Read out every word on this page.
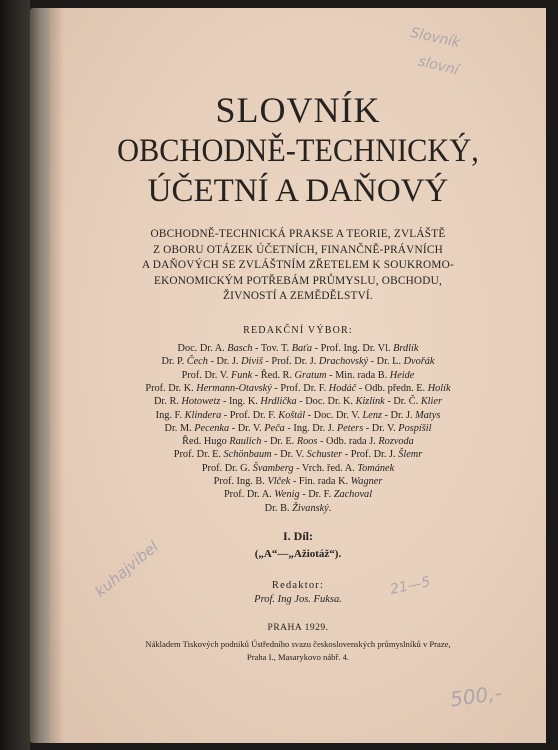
SLOVNÍK
OBCHODNĚ-TECHNICKÝ,
ÚČETNÍ A DAŇOVÝ
OBCHODNĚ-TECHNICKÁ PRAKSE A TEORIE, ZVLÁŠTĚ
Z OBORU OTÁZEK ÚČETNÍCH, FINANČNĚ-PRÁVNÍCH
A DAŇOVÝCH SE ZVLÁŠTNÍM ZŘETELEM K SOUKROMO-
EKONOMICKÝM POTŘEBÁM PRŮMYSLU, OBCHODU,
ŽIVNOSTÍ A ZEMĚDĚLSTVÍ.
REDAKČNÍ VÝBOR:
Doc. Dr. A. Basch - Tov. T. Baťa - Prof. Ing. Dr. Vl. Brdlík
Dr. P. Čech - Dr. J. Diviš - Prof. Dr. J. Drachovský - Dr. L. Dvořák
Prof. Dr. V. Funk - Řed. R. Gratum - Min. rada B. Heide
Prof. Dr. K. Hermann-Otavský - Prof. Dr. F. Hodáč - Odb. předn. E. Holík
Dr. R. Hotowetz - Ing. K. Hrdlička - Doc. Dr. K. Kizlink - Dr. Č. Klier
Ing. F. Klindera - Prof. Dr. F. Koštál - Doc. Dr. V. Lenz - Dr. J. Matys
Dr. M. Pecenka - Dr. V. Peča - Ing. Dr. J. Peters - Dr. V. Pospíšil
Řed. Hugo Raulich - Dr. E. Roos - Odb. rada J. Rozvoda
Prof. Dr. E. Schönbaum - Dr. V. Schuster - Prof. Dr. J. Šlemr
Prof. Dr. G. Švamberg - Vrch. řed. A. Tománek
Prof. Ing. B. Vlček - Fin. rada K. Wagner
Prof. Dr. A. Wenig - Dr. F. Zachoval
Dr. B. Živanský.
I. Díl:
(„A“—„Ažiotáž“).
Redaktor:
Prof. Ing Jos. Fuksa.
PRAHA 1929.
Nákladem Tiskových podniků Ústředního svazu československých průmyslníků v Praze,
Praha I., Masarykovo nábř. 4.
Slovník
slovní
kuhajvibel	21—5
500,-
